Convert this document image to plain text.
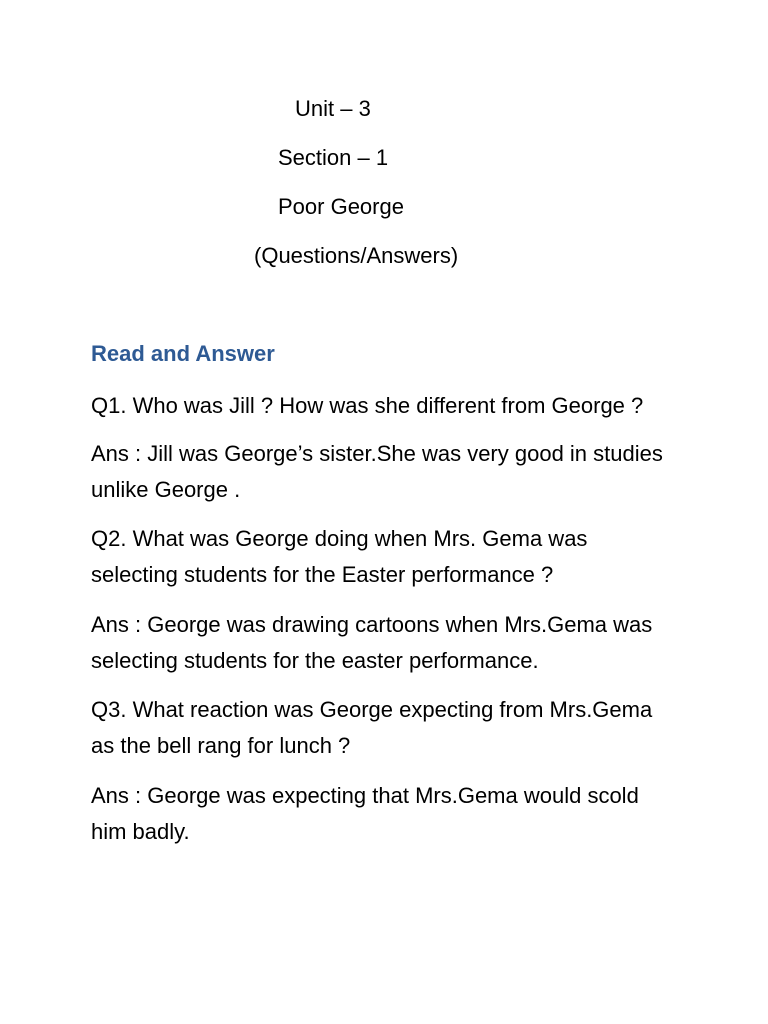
Unit – 3
Section – 1
Poor George
(Questions/Answers)
Read and Answer
Q1. Who was Jill ? How was she different from George ?
Ans : Jill was George’s sister.She was very good in studies
unlike George .
Q2. What was George doing when Mrs. Gema was
selecting students for the Easter performance ?
Ans : George was drawing cartoons when Mrs.Gema was
selecting students for the easter performance.
Q3. What reaction was George expecting from Mrs.Gema
as the bell rang for lunch ?
Ans : George was expecting that Mrs.Gema would scold
him badly.
